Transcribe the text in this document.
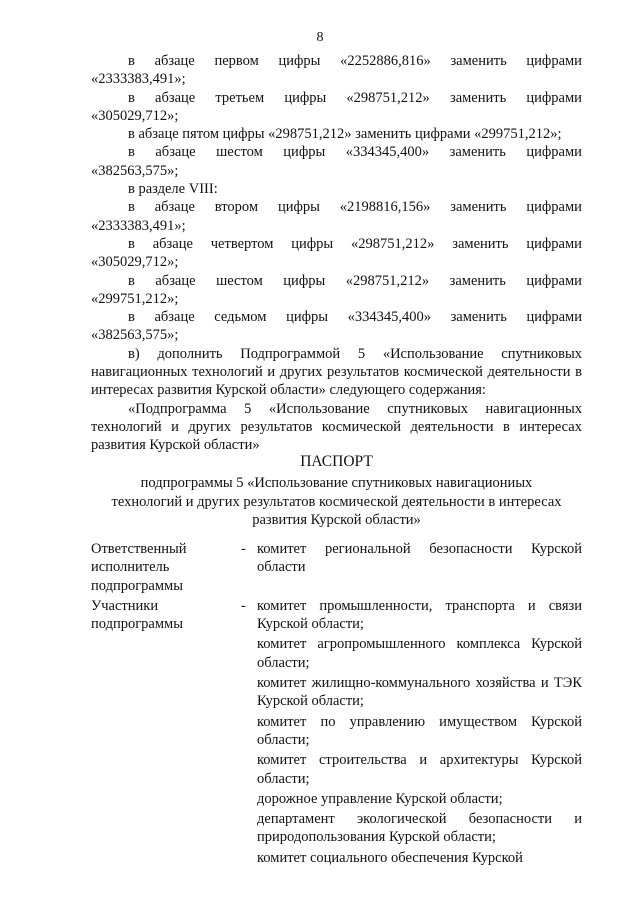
8
в абзаце первом цифры «2252886,816» заменить цифрами
«2333383,491»;
в абзаце третьем цифры «298751,212» заменить цифрами
«305029,712»;
в абзаце пятом цифры «298751,212» заменить цифрами «299751,212»;
в абзаце шестом цифры «334345,400» заменить цифрами
«382563,575»;
в разделе VIII:
в абзаце втором цифры «2198816,156» заменить цифрами
«2333383,491»;
в абзаце четвертом цифры «298751,212» заменить цифрами
«305029,712»;
в абзаце шестом цифры «298751,212» заменить цифрами
«299751,212»;
в абзаце седьмом цифры «334345,400» заменить цифрами
«382563,575»;
в) дополнить Подпрограммой 5 «Использование спутниковых навигационных технологий и других результатов космической деятельности в интересах развития Курской области» следующего содержания:
«Подпрограмма 5 «Использование спутниковых навигационных технологий и других результатов космической деятельности в интересах развития Курской области»
ПАСПОРТ
подпрограммы 5 «Использование спутниковых навигациониых
технологий и других результатов космической деятельности в интересах
развития Курской области»
Ответственный исполнитель подпрограммы
- комитет региональной безопасности Курской области
Участники подпрограммы
- комитет промышленности, транспорта и связи Курской области;
комитет агропромышленного комплекса Курской области;
комитет жилищно-коммунального хозяйства и ТЭК Курской области;
комитет по управлению имуществом Курской области;
комитет строительства и архитектуры Курской области;
дорожное управление Курской области;
департамент экологической безопасности и природопользования Курской области;
комитет социального обеспечения Курской
